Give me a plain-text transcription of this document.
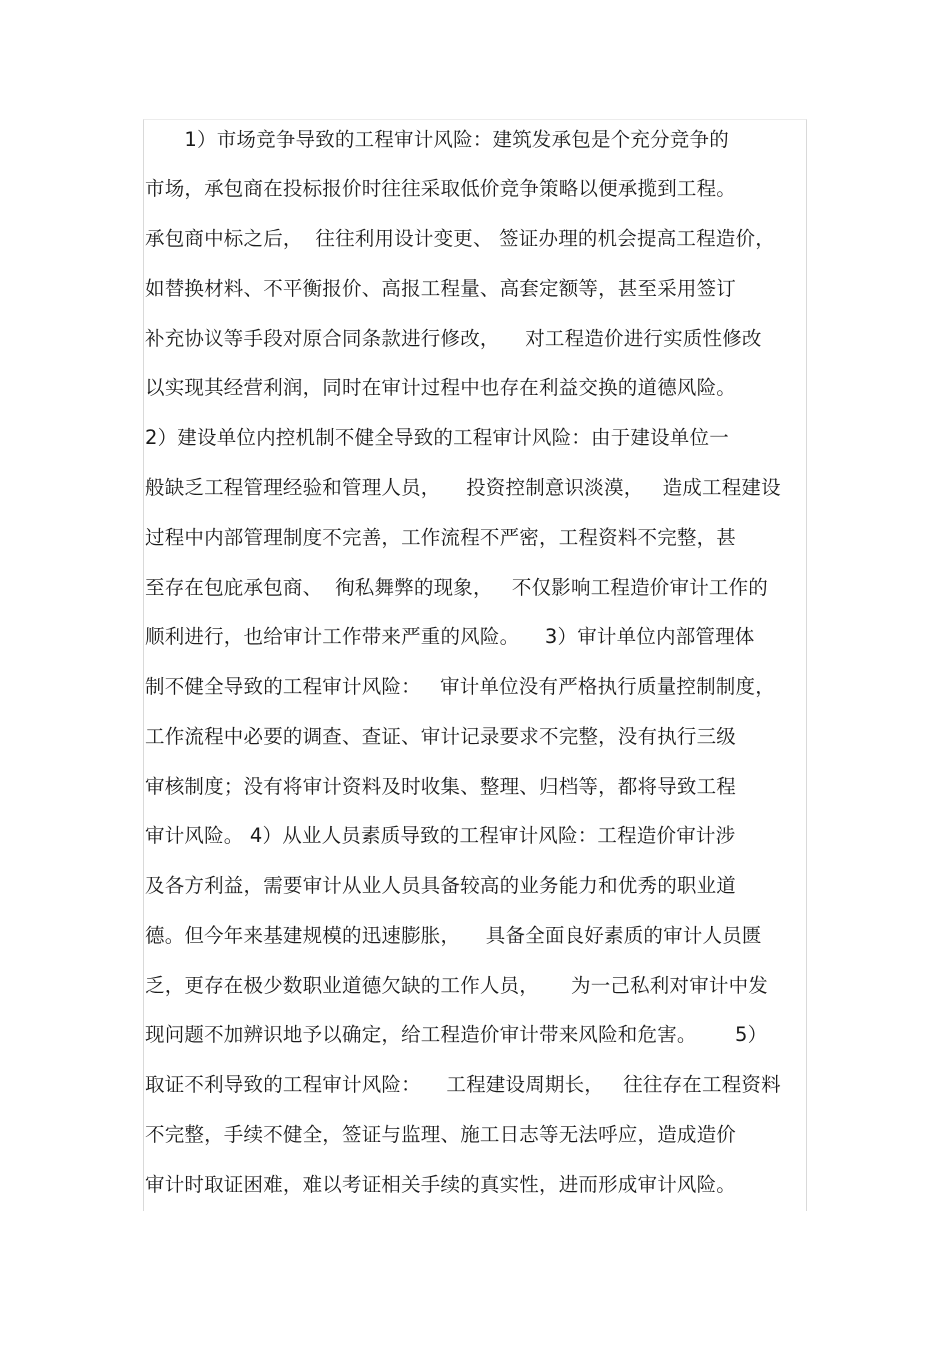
　　1）市场竞争导致的工程审计风险：建筑发承包是个充分竞争的
市场，承包商在投标报价时往往采取低价竞争策略以便承揽到工程。
承包商中标之后，  往往利用设计变更、 签证办理的机会提高工程造价，
如替换材料、不平衡报价、高报工程量、高套定额等，甚至采用签订
补充协议等手段对原合同条款进行修改，    对工程造价进行实质性修改
以实现其经营利润，同时在审计过程中也存在利益交换的道德风险。
2）建设单位内控机制不健全导致的工程审计风险：由于建设单位一
般缺乏工程管理经验和管理人员，    投资控制意识淡漠，   造成工程建设
过程中内部管理制度不完善，工作流程不严密，工程资料不完整，甚
至存在包庇承包商、  徇私舞弊的现象，   不仅影响工程造价审计工作的
顺利进行，也给审计工作带来严重的风险。    3）审计单位内部管理体
制不健全导致的工程审计风险：   审计单位没有严格执行质量控制制度，
工作流程中必要的调查、查证、审计记录要求不完整，没有执行三级
审核制度；没有将审计资料及时收集、整理、归档等，都将导致工程
审计风险。 4）从业人员素质导致的工程审计风险：工程造价审计涉
及各方利益，需要审计从业人员具备较高的业务能力和优秀的职业道
德。但今年来基建规模的迅速膨胀，    具备全面良好素质的审计人员匮
乏，更存在极少数职业道德欠缺的工作人员，     为一己私利对审计中发
现问题不加辨识地予以确定，给工程造价审计带来风险和危害。      5）
取证不利导致的工程审计风险：    工程建设周期长，   往往存在工程资料
不完整，手续不健全，签证与监理、施工日志等无法呼应，造成造价
审计时取证困难，难以考证相关手续的真实性，进而形成审计风险。
